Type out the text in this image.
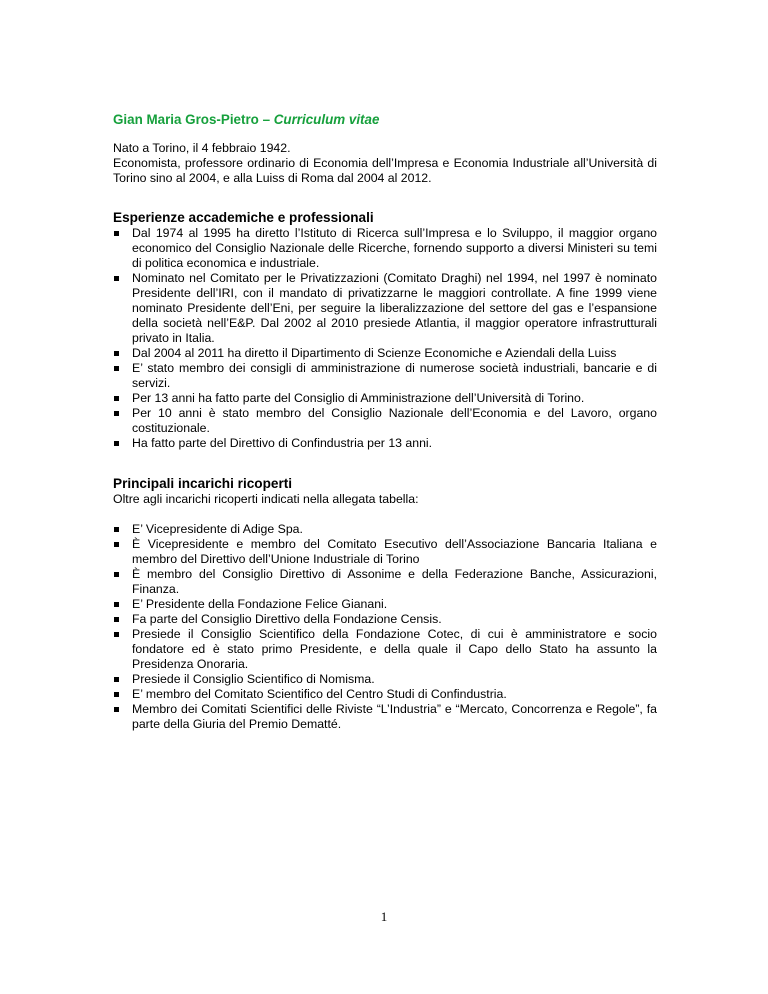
Gian Maria Gros-Pietro – Curriculum vitae

Nato a Torino, il 4 febbraio 1942.

Economista, professore ordinario di Economia dell’Impresa e Economia Industriale all’Università di Torino sino al 2004, e alla Luiss di Roma dal 2004 al 2012.

Esperienze accademiche e professionali
Dal 1974 al 1995 ha diretto l’Istituto di Ricerca sull’Impresa e lo Sviluppo, il maggior organo economico del Consiglio Nazionale delle Ricerche, fornendo supporto a diversi Ministeri su temi di politica economica e industriale.
Nominato nel Comitato per le Privatizzazioni (Comitato Draghi) nel 1994, nel 1997 è nominato Presidente dell’IRI, con il mandato di privatizzarne le maggiori controllate. A fine 1999 viene nominato Presidente dell’Eni, per seguire la liberalizzazione del settore del gas e l’espansione della società nell’E&P. Dal 2002 al 2010 presiede Atlantia, il maggior operatore infrastrutturali privato in Italia.
Dal 2004 al 2011 ha diretto il Dipartimento di Scienze Economiche e Aziendali della Luiss
E’ stato membro dei consigli di amministrazione di numerose società industriali, bancarie e di servizi.
Per 13 anni ha fatto parte del Consiglio di Amministrazione dell’Università di Torino.
Per 10 anni è stato membro del Consiglio Nazionale dell’Economia e del Lavoro, organo costituzionale.
Ha fatto parte del Direttivo di Confindustria per 13 anni.
Principali incarichi ricoperti

Oltre agli incarichi ricoperti indicati nella allegata tabella:

E’ Vicepresidente di Adige Spa.
È Vicepresidente e membro del Comitato Esecutivo dell’Associazione Bancaria Italiana e membro del Direttivo dell’Unione Industriale di Torino
È membro del Consiglio Direttivo di Assonime e della Federazione Banche, Assicurazioni, Finanza.
E’ Presidente della Fondazione Felice Gianani.
Fa parte del Consiglio Direttivo della Fondazione Censis.
Presiede il Consiglio Scientifico della Fondazione Cotec, di cui è amministratore e socio fondatore ed è stato primo Presidente, e della quale il Capo dello Stato ha assunto la Presidenza Onoraria.
Presiede il Consiglio Scientifico di Nomisma.
E’ membro del Comitato Scientifico del Centro Studi di Confindustria.
Membro dei Comitati Scientifici delle Riviste “L’Industria” e “Mercato, Concorrenza e Regole”, fa parte della Giuria del Premio Dematté.
1
